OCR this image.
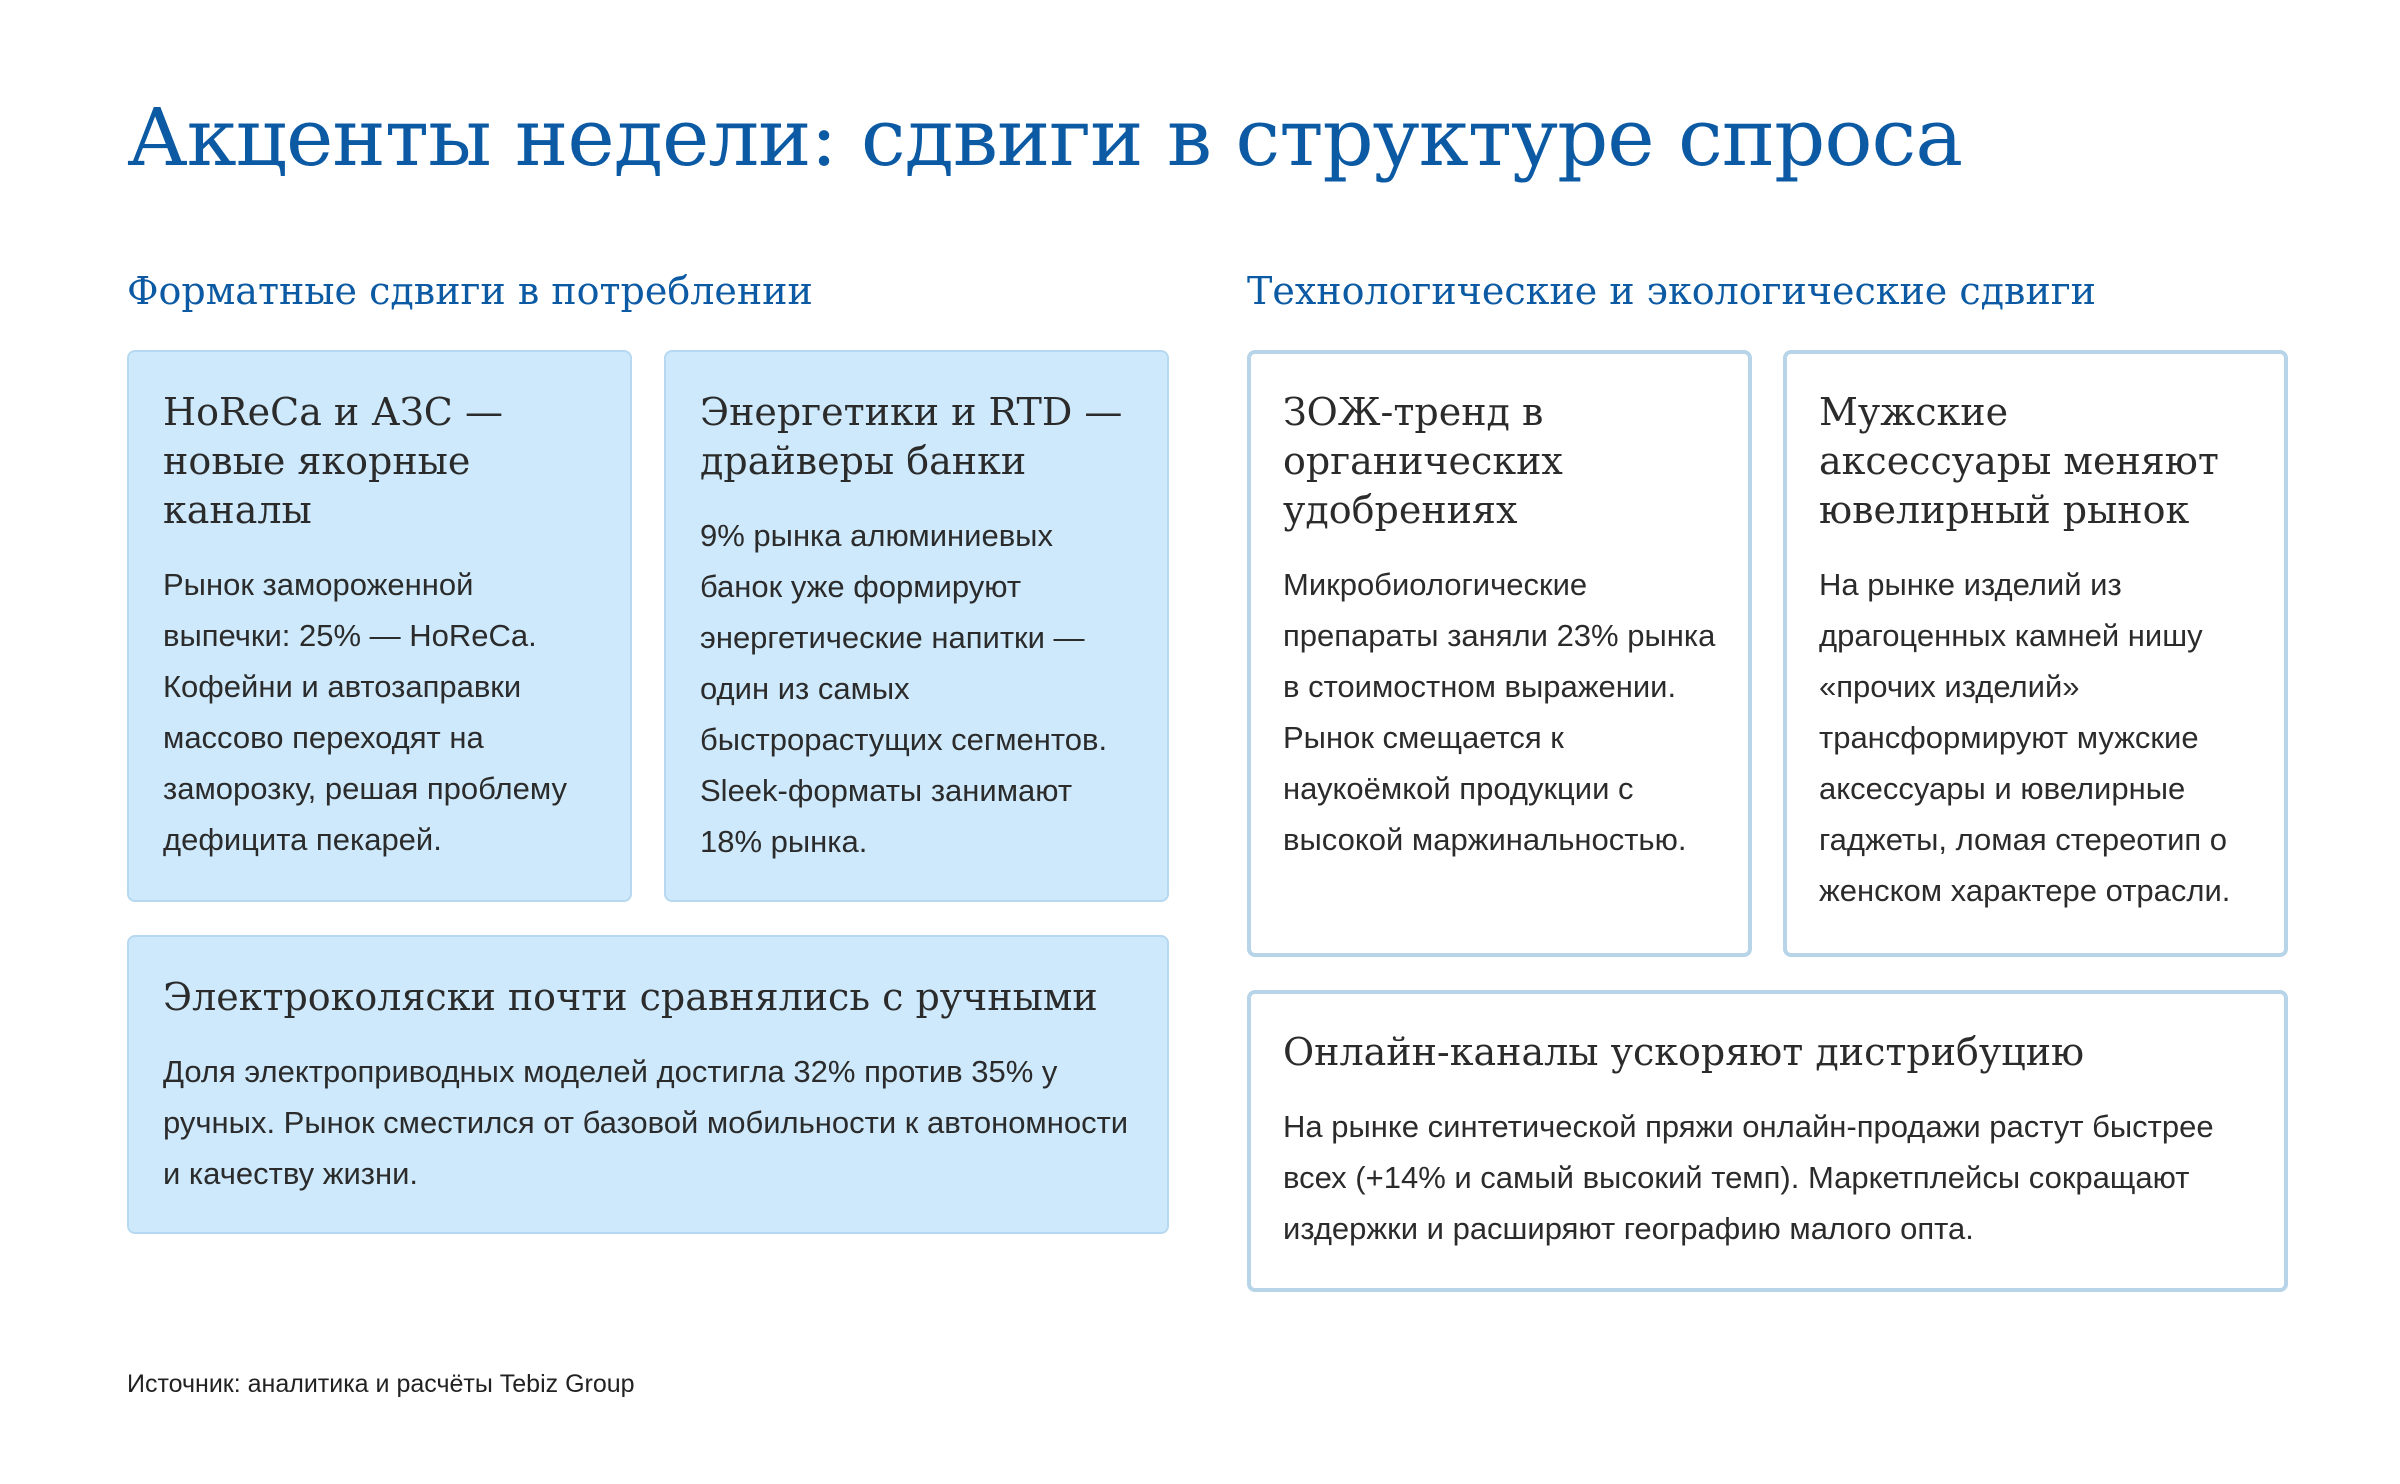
Акценты недели: сдвиги в структуре спроса
Форматные сдвиги в потреблении
HoReCa и АЗС — новые якорные каналы

Рынок замороженной выпечки: 25% — HoReCa. Кофейни и автозаправки массово переходят на заморозку, решая проблему дефицита пекарей.

Энергетики и RTD — драйверы банки

9% рынка алюминиевых банок уже формируют энергетические напитки — один из самых быстрорастущих сегментов. Sleek-форматы занимают 18% рынка.

Электроколяски почти сравнялись с ручными

Доля электроприводных моделей достигла 32% против 35% у ручных. Рынок сместился от базовой мобильности к автономности и качеству жизни.

Технологические и экологические сдвиги
ЗОЖ-тренд в органических удобрениях

Микробиологические препараты заняли 23% рынка в стоимостном выражении. Рынок смещается к наукоёмкой продукции с высокой маржинальностью.

Мужские аксессуары меняют ювелирный рынок

На рынке изделий из драгоценных камней нишу «прочих изделий» трансформируют мужские аксессуары и ювелирные гаджеты, ломая стереотип о женском характере отрасли.

Онлайн-каналы ускоряют дистрибуцию

На рынке синтетической пряжи онлайн-продажи растут быстрее всех (+14% и самый высокий темп). Маркетплейсы сокращают издержки и расширяют географию малого опта.

Источник: аналитика и расчёты Tebiz Group
